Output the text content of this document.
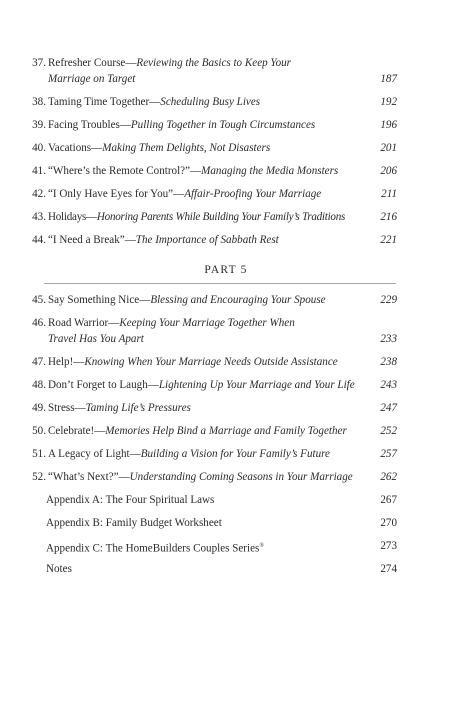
37. Refresher Course—Reviewing the Basics to Keep Your
Marriage on Target	187
38. Taming Time Together—Scheduling Busy Lives	192
39. Facing Troubles—Pulling Together in Tough Circumstances	196
40. Vacations—Making Them Delights, Not Disasters	201
41. “Where’s the Remote Control?”—Managing the Media Monsters	206
42. “I Only Have Eyes for You”—Affair-Proofing Your Marriage	211
43. Holidays—Honoring Parents While Building Your Family’s Traditions	216
44. “I Need a Break”—The Importance of Sabbath Rest	221
PART 5
45. Say Something Nice—Blessing and Encouraging Your Spouse	229
46. Road Warrior—Keeping Your Marriage Together When
Travel Has You Apart	233
47. Help!—Knowing When Your Marriage Needs Outside Assistance	238
48. Don’t Forget to Laugh—Lightening Up Your Marriage and Your Life	243
49. Stress—Taming Life’s Pressures	247
50. Celebrate!—Memories Help Bind a Marriage and Family Together	252
51. A Legacy of Light—Building a Vision for Your Family’s Future	257
52. “What’s Next?”—Understanding Coming Seasons in Your Marriage	262
Appendix A: The Four Spiritual Laws	267
Appendix B: Family Budget Worksheet	270
Appendix C: The HomeBuilders Couples Series®	273
Notes	274
